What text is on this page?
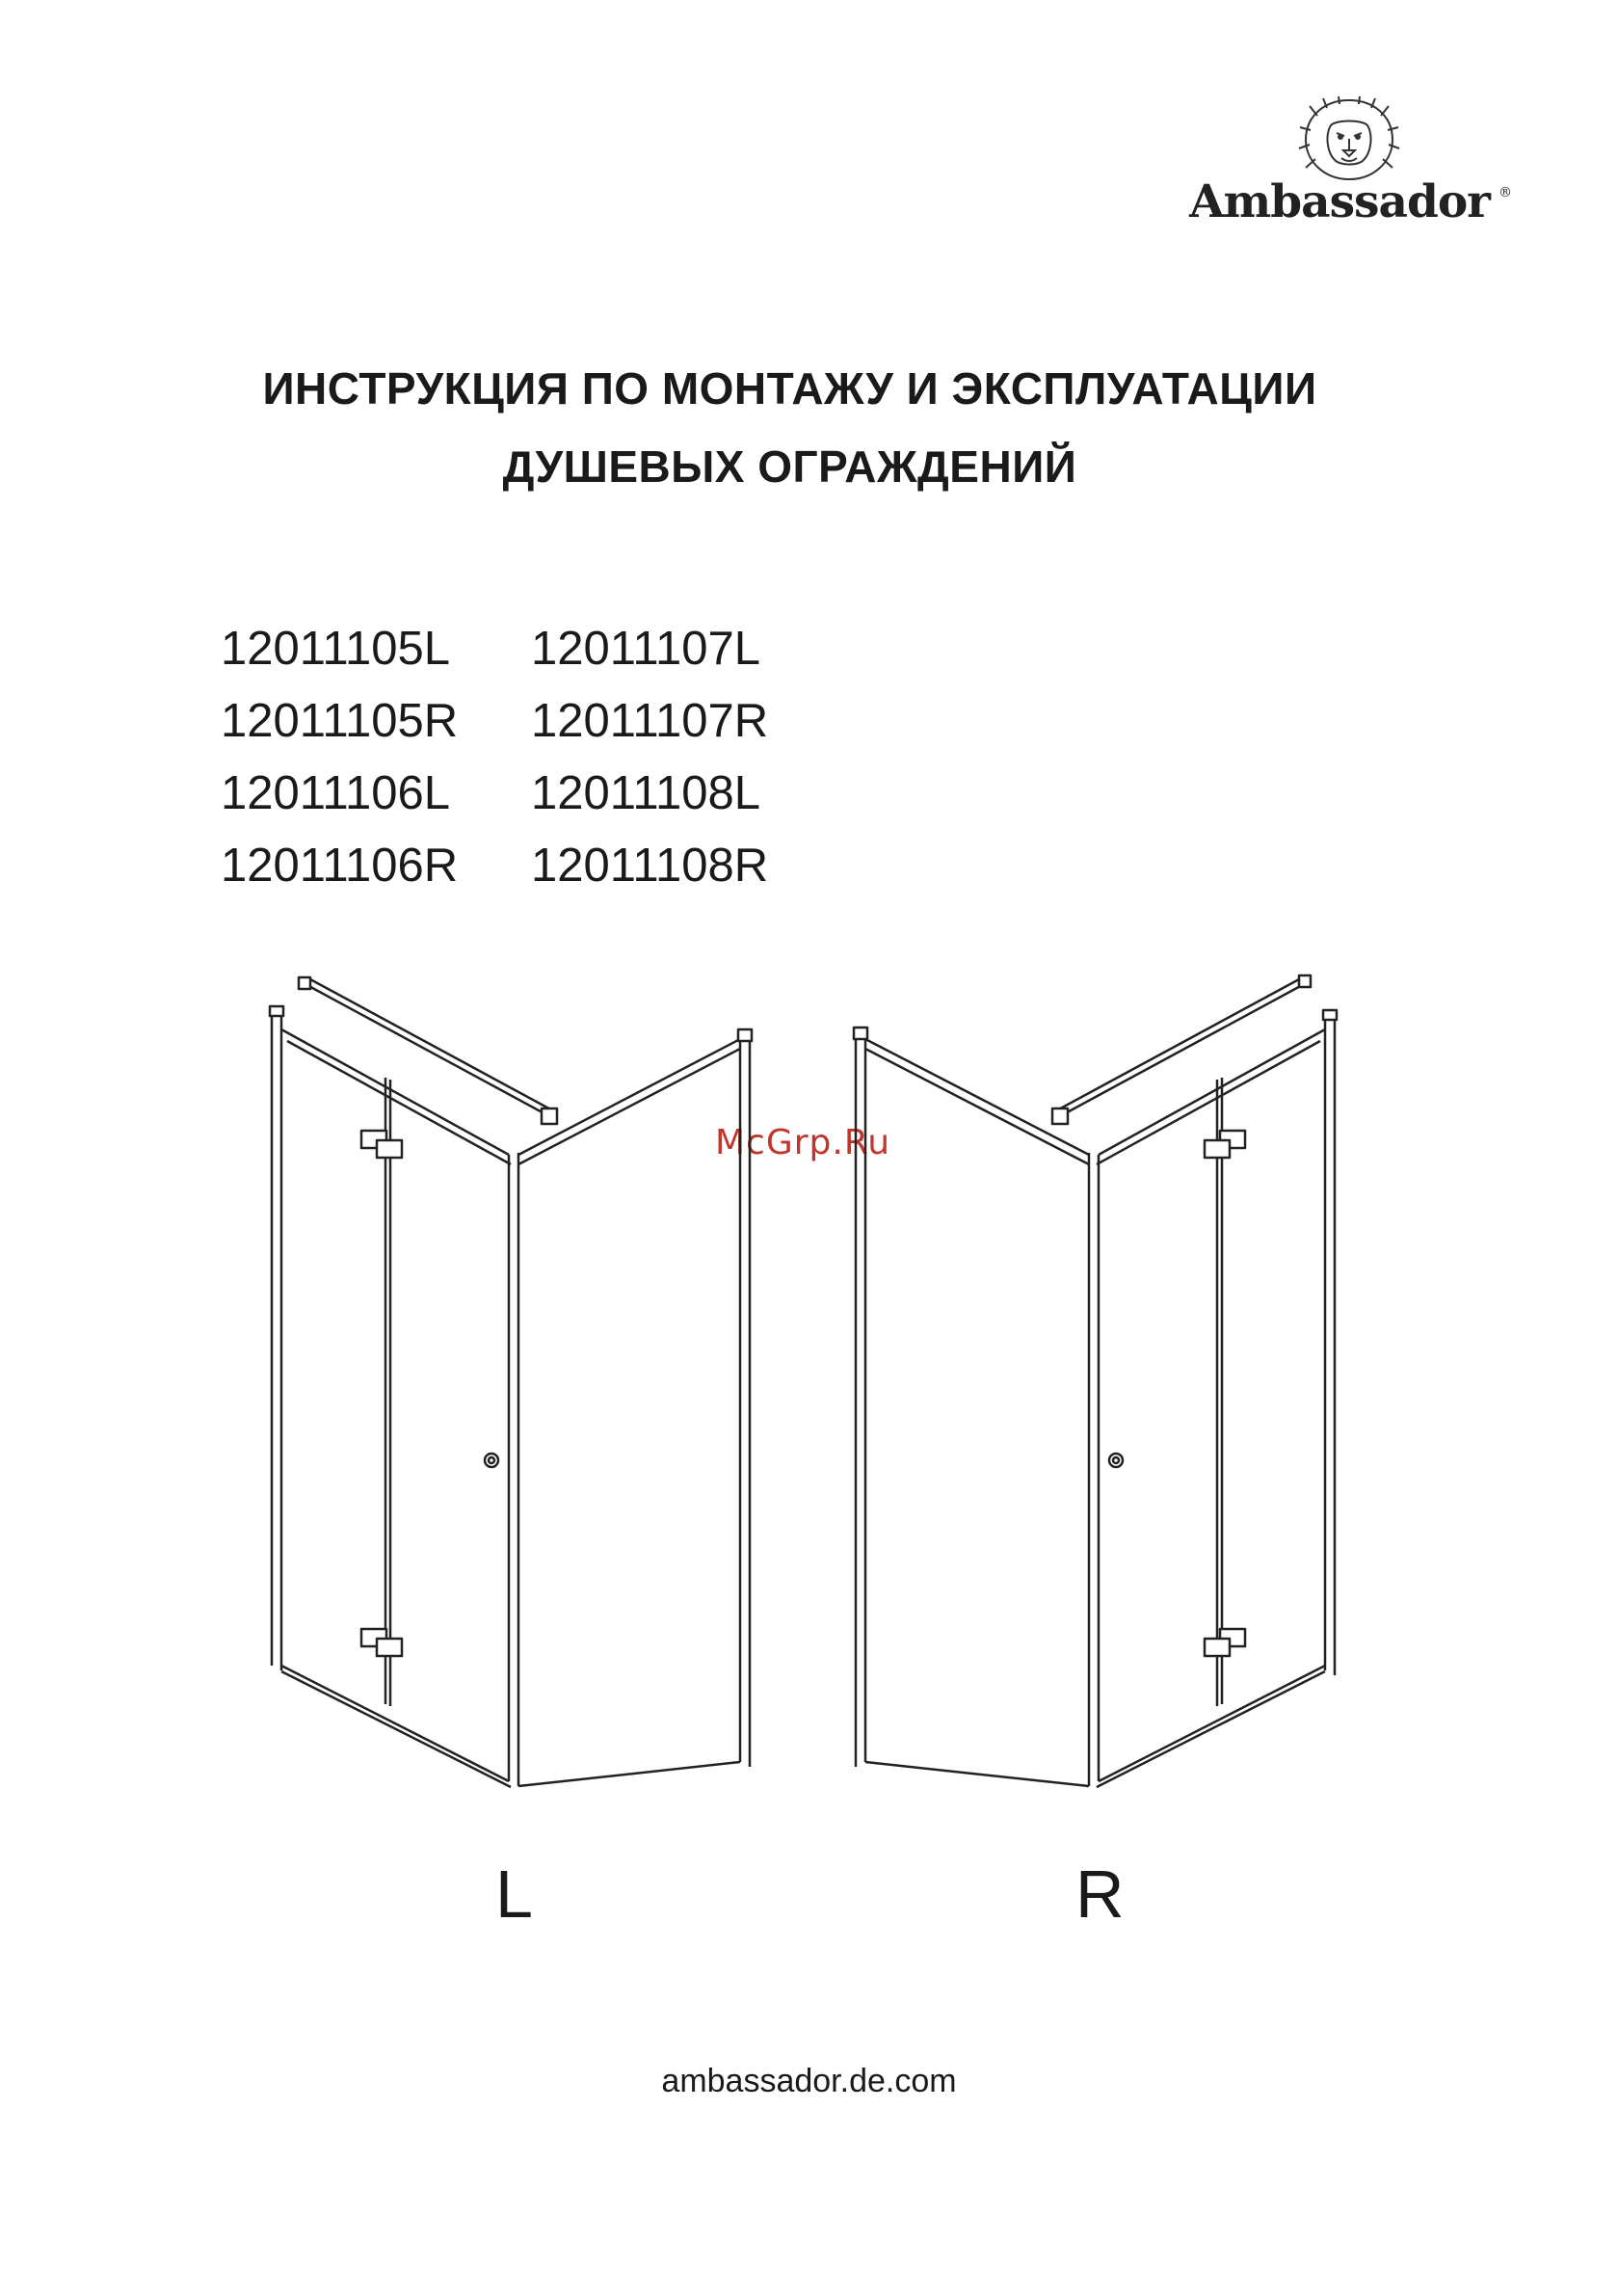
Ambassador ®
ИНСТРУКЦИЯ ПО МОНТАЖУ И ЭКСПЛУАТАЦИИ
ДУШЕВЫХ ОГРАЖДЕНИЙ
12011105L 12011107L
12011105R 12011107R
12011106L 12011108L
12011106R 12011108R
McGrp.Ru
L	R
ambassador.de.com
